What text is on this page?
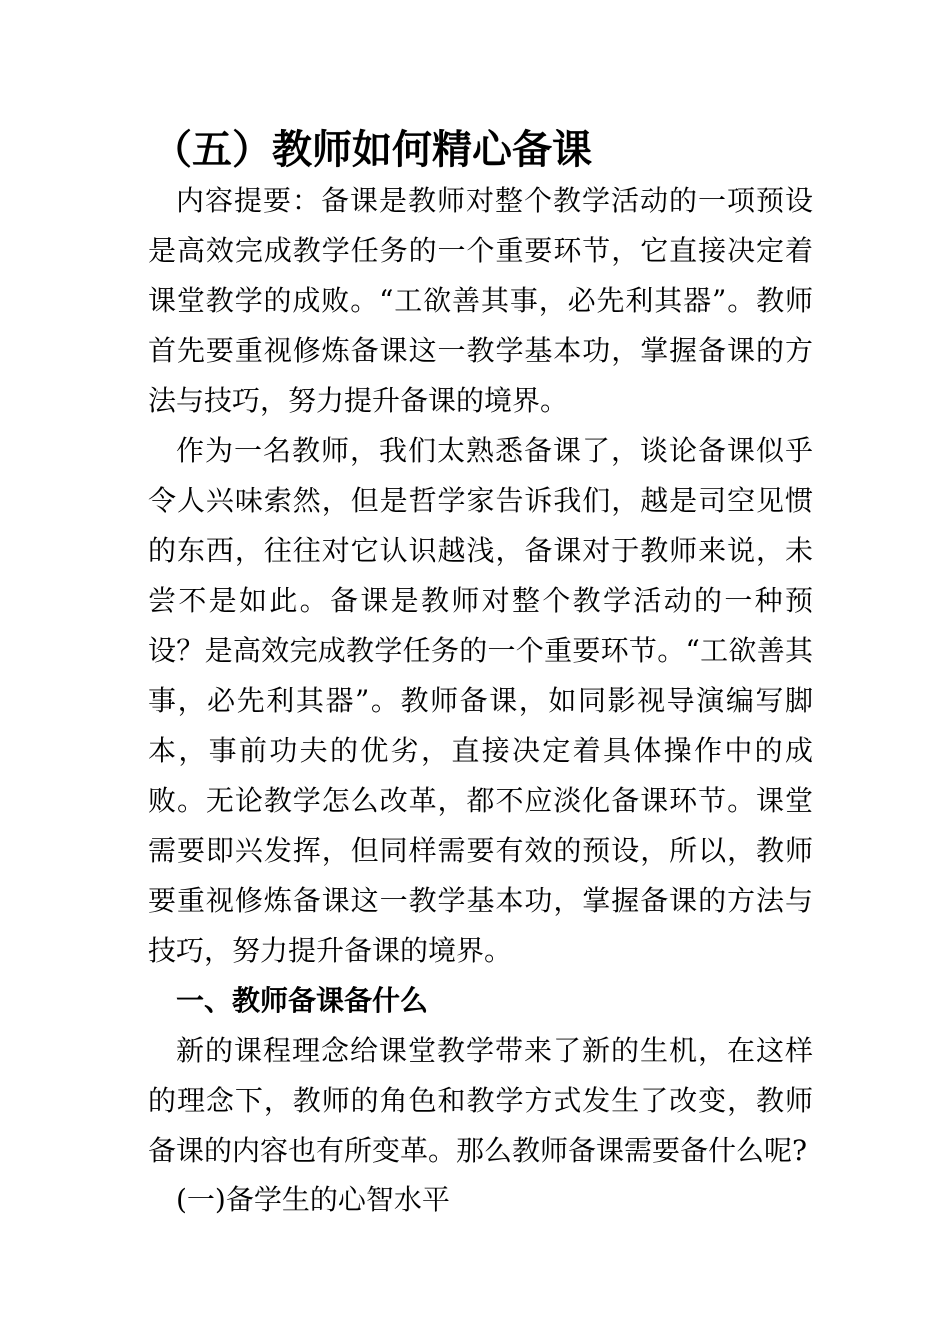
（五）教师如何精心备课

内容提要：备课是教师对整个教学活动的一项预设是高效完成教学任务的一个重要环节，它直接决定着课堂教学的成败。“工欲善其事，必先利其器”。教师首先要重视修炼备课这一教学基本功，掌握备课的方法与技巧，努力提升备课的境界。

作为一名教师，我们太熟悉备课了，谈论备课似乎令人兴味索然，但是哲学家告诉我们，越是司空见惯的东西，往往对它认识越浅，备课对于教师来说，未尝不是如此。备课是教师对整个教学活动的一种预设？是高效完成教学任务的一个重要环节。“工欲善其事，必先利其器”。教师备课，如同影视导演编写脚本，事前功夫的优劣，直接决定着具体操作中的成败。无论教学怎么改革，都不应淡化备课环节。课堂需要即兴发挥，但同样需要有效的预设，所以，教师要重视修炼备课这一教学基本功，掌握备课的方法与技巧，努力提升备课的境界。

一、教师备课备什么

新的课程理念给课堂教学带来了新的生机，在这样的理念下，教师的角色和教学方式发生了改变，教师备课的内容也有所变革。那么教师备课需要备什么呢?

(一)备学生的心智水平
